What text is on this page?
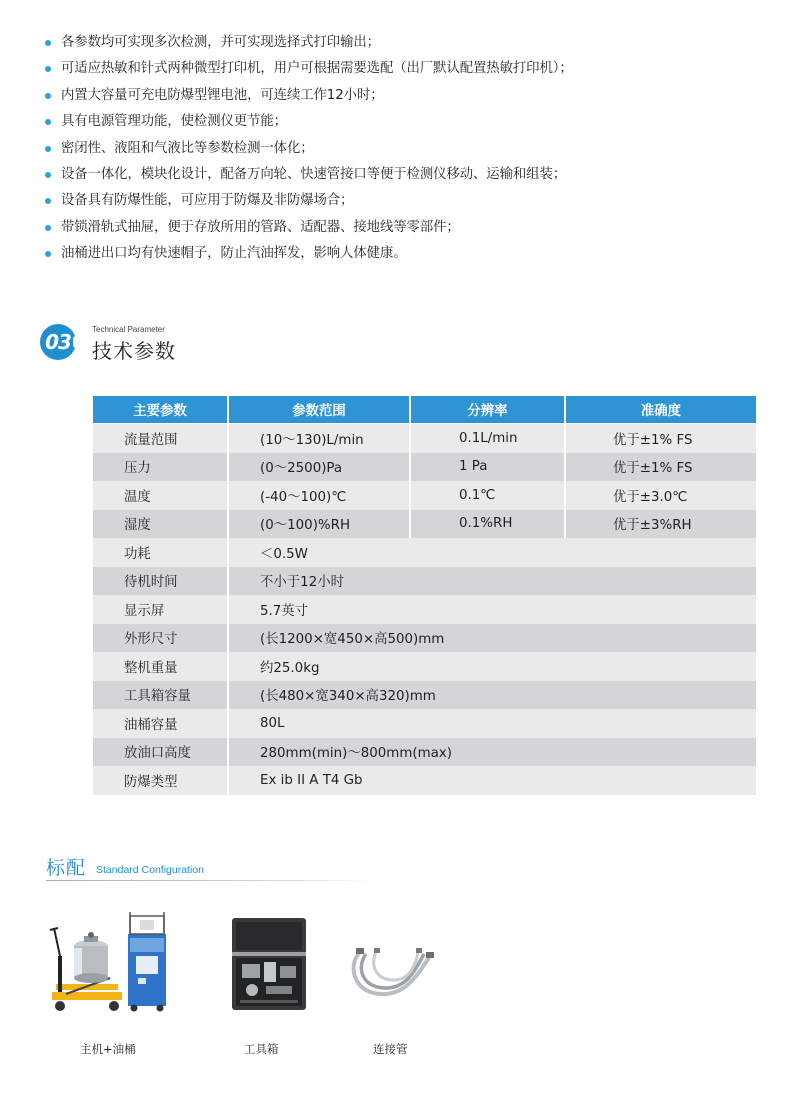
各参数均可实现多次检测，并可实现选择式打印输出；
可适应热敏和针式两种微型打印机，用户可根据需要选配（出厂默认配置热敏打印机）；
内置大容量可充电防爆型锂电池，可连续工作12小时；
具有电源管理功能，使检测仪更节能；
密闭性、液阻和气液比等参数检测一体化；
设备一体化，模块化设计，配备万向轮、快速管接口等便于检测仪移动、运输和组装；
设备具有防爆性能，可应用于防爆及非防爆场合；
带锁滑轨式抽屉，便于存放所用的管路、适配器、接地线等零部件；
油桶进出口均有快速帽子，防止汽油挥发，影响人体健康。
03
Technical Parameter
技术参数
主要参数	参数范围	分辨率	准确度
流量范围	(10～130)L/min	0.1L/min	优于±1% FS
压力	(0～2500)Pa	1 Pa	优于±1% FS
温度	(-40～100)℃	0.1℃	优于±3.0℃
湿度	(0～100)%RH	0.1%RH	优于±3%RH
功耗	＜0.5W		
待机时间	不小于12小时		
显示屏	5.7英寸		
外形尺寸	(长1200×宽450×高500)mm		
整机重量	约25.0kg		
工具箱容量	(长480×宽340×高320)mm		
油桶容量	80L		
放油口高度	280mm(min)～800mm(max)		
防爆类型	Ex ib II A T4 Gb		
标配 Standard Configuration
主机+油桶	工具箱	连接管
